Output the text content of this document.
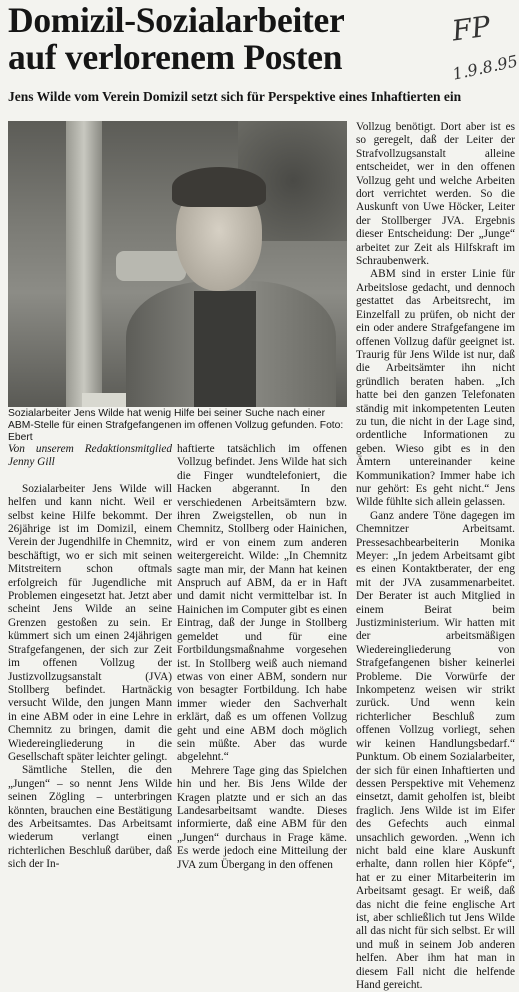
Domizil-Sozialarbeiter
auf verlorenem Posten
FP
1.9.8.95
Jens Wilde vom Verein Domizil setzt sich für Perspektive eines Inhaftierten ein
Sozialarbeiter Jens Wilde hat wenig Hilfe bei seiner Suche nach einer ABM-Stelle für einen Strafgefangenen im offenen Vollzug gefunden. Foto: Ebert

Von unserem Redaktionsmitglied Jenny Gill

Sozialarbeiter Jens Wilde will helfen und kann nicht. Weil er selbst keine Hilfe bekommt. Der 26jährige ist im Domizil, einem Verein der Jugendhilfe in Chemnitz, beschäftigt, wo er sich mit seinen Mitstreitern schon oftmals erfolgreich für Jugendliche mit Problemen eingesetzt hat. Jetzt aber scheint Jens Wilde an seine Grenzen gestoßen zu sein. Er kümmert sich um einen 24jährigen Strafgefangenen, der sich zur Zeit im offenen Vollzug der Justizvollzugsanstalt (JVA) Stollberg befindet. Hartnäckig versucht Wilde, den jungen Mann in eine ABM oder in eine Lehre in Chemnitz zu bringen, damit die Wiedereingliederung in die Gesellschaft später leichter gelingt.

Sämtliche Stellen, die den „Jungen“ – so nennt Jens Wilde seinen Zögling – unterbringen könnten, brauchen eine Bestätigung des Arbeitsamtes. Das Arbeitsamt wiederum verlangt einen richterlichen Beschluß darüber, daß sich der In-

haftierte tatsächlich im offenen Vollzug befindet. Jens Wilde hat sich die Finger wundtelefoniert, die Hacken abgerannt. In den verschiedenen Arbeitsämtern bzw. ihren Zweigstellen, ob nun in Chemnitz, Stollberg oder Hainichen, wird er von einem zum anderen weitergereicht. Wilde: „In Chemnitz sagte man mir, der Mann hat keinen Anspruch auf ABM, da er in Haft und damit nicht vermittelbar ist. In Hainichen im Computer gibt es einen Eintrag, daß der Junge in Stollberg gemeldet und für eine Fortbildungsmaßnahme vorgesehen ist. In Stollberg weiß auch niemand etwas von einer ABM, sondern nur von besagter Fortbildung. Ich habe immer wieder den Sachverhalt erklärt, daß es um offenen Vollzug geht und eine ABM doch möglich sein müßte. Aber das wurde abgelehnt.“

Mehrere Tage ging das Spielchen hin und her. Bis Jens Wilde der Kragen platzte und er sich an das Landesarbeitsamt wandte. Dieses informierte, daß eine ABM für den „Jungen“ durchaus in Frage käme. Es werde jedoch eine Mitteilung der JVA zum Übergang in den offenen

Vollzug benötigt. Dort aber ist es so geregelt, daß der Leiter der Strafvollzugsanstalt alleine entscheidet, wer in den offenen Vollzug geht und welche Arbeiten dort verrichtet werden. So die Auskunft von Uwe Höcker, Leiter der Stollberger JVA. Ergebnis dieser Entscheidung: Der „Junge“ arbeitet zur Zeit als Hilfskraft im Schraubenwerk.

ABM sind in erster Linie für Arbeitslose gedacht, und dennoch gestattet das Arbeitsrecht, im Einzelfall zu prüfen, ob nicht der ein oder andere Strafgefangene im offenen Vollzug dafür geeignet ist. Traurig für Jens Wilde ist nur, daß die Arbeitsämter ihn nicht gründlich beraten haben. „Ich hatte bei den ganzen Telefonaten ständig mit inkompetenten Leuten zu tun, die nicht in der Lage sind, ordentliche Informationen zu geben. Wieso gibt es in den Ämtern untereinander keine Kommunikation? Immer habe ich nur gehört: Es geht nicht.“ Jens Wilde fühlte sich allein gelassen.

Ganz andere Töne dagegen im Chemnitzer Arbeitsamt. Pressesachbearbeiterin Monika Meyer: „In jedem Arbeitsamt gibt es einen Kontaktberater, der eng mit der JVA zusammenarbeitet. Der Berater ist auch Mitglied in einem Beirat beim Justizministerium. Wir hatten mit der arbeitsmäßigen Wiedereingliederung von Strafgefangenen bisher keinerlei Probleme. Die Vorwürfe der Inkompetenz weisen wir strikt zurück. Und wenn kein richterlicher Beschluß zum offenen Vollzug vorliegt, sehen wir keinen Handlungsbedarf.“ Punktum. Ob einem Sozialarbeiter, der sich für einen Inhaftierten und dessen Perspektive mit Vehemenz einsetzt, damit geholfen ist, bleibt fraglich. Jens Wilde ist im Eifer des Gefechts auch einmal unsachlich geworden. „Wenn ich nicht bald eine klare Auskunft erhalte, dann rollen hier Köpfe“, hat er zu einer Mitarbeiterin im Arbeitsamt gesagt. Er weiß, daß das nicht die feine englische Art ist, aber schließlich tut Jens Wilde all das nicht für sich selbst. Er will und muß in seinem Job anderen helfen. Aber ihm hat man in diesem Fall nicht die helfende Hand gereicht.
